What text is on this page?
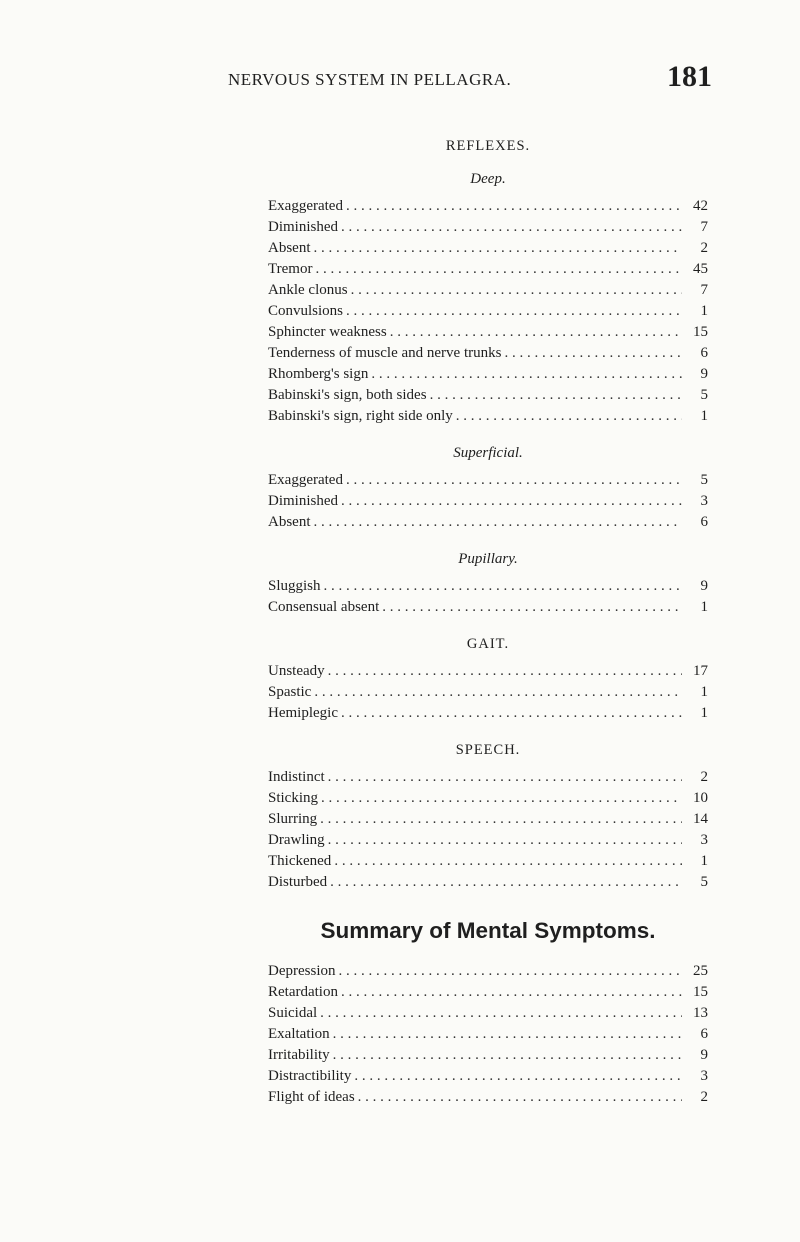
NERVOUS SYSTEM IN PELLAGRA.	181
REFLEXES.
Deep.
Exaggerated . . .	42
Diminished . . .	7
Absent . . .	2
Tremor . . .	45
Ankle clonus . . .	7
Convulsions . . .	1
Sphincter weakness . . .	15
Tenderness of muscle and nerve trunks . . .	6
Rhomberg's sign . . .	9
Babinski's sign, both sides . . .	5
Babinski's sign, right side only . . .	1
Superficial.
Exaggerated . . .	5
Diminished . . .	3
Absent . . .	6
Pupillary.
Sluggish . . .	9
Consensual absent . . .	1
GAIT.
Unsteady . . .	17
Spastic . . .	1
Hemiplegic . . .	1
SPEECH.
Indistinct . . .	2
Sticking . . .	10
Slurring . . .	14
Drawling . . .	3
Thickened . . .	1
Disturbed . . .	5
Summary of Mental Symptoms.
Depression . . .	25
Retardation . . .	15
Suicidal . . .	13
Exaltation . . .	6
Irritability . . .	9
Distractibility . . .	3
Flight of ideas . . .	2
